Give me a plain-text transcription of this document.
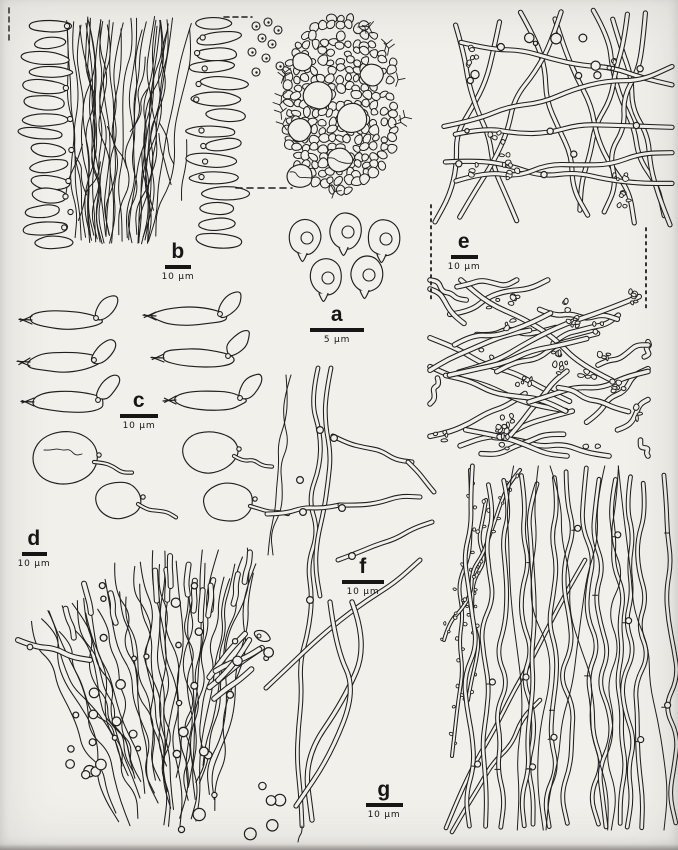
a
5 µm
b
10 µm
c
10 µm
d
10 µm
e
10 µm
f
10 µm
g
10 µm
